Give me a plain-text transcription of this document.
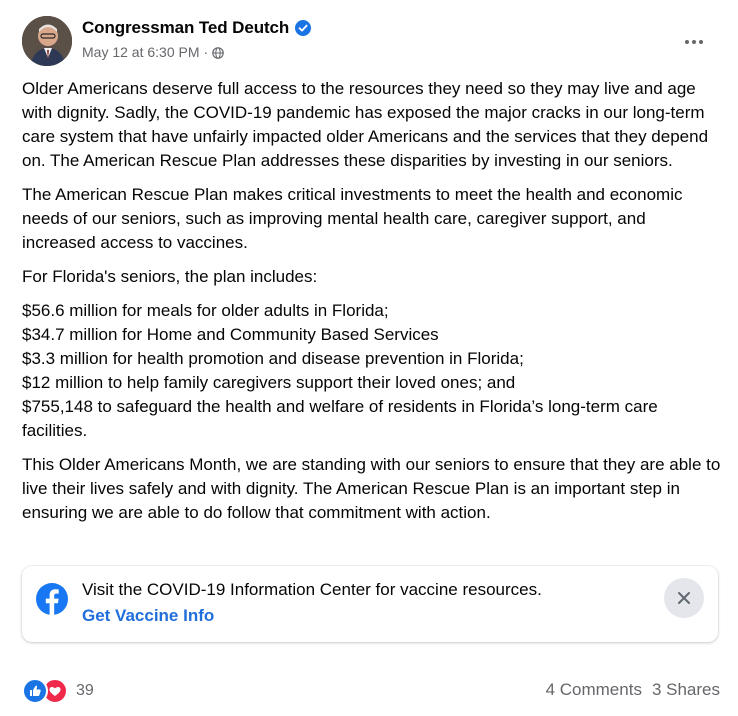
Congressman Ted Deutch
May 12 at 6:30 PM ·

Older Americans deserve full access to the resources they need so they may live and age with dignity. Sadly, the COVID-19 pandemic has exposed the major cracks in our long-term care system that have unfairly impacted older Americans and the services that they depend on. The American Rescue Plan addresses these disparities by investing in our seniors.

The American Rescue Plan makes critical investments to meet the health and economic needs of our seniors, such as improving mental health care, caregiver support, and increased access to vaccines.

For Florida's seniors, the plan includes:

$56.6 million for meals for older adults in Florida;

$34.7 million for Home and Community Based Services

$3.3 million for health promotion and disease prevention in Florida;

$12 million to help family caregivers support their loved ones; and

$755,148 to safeguard the health and welfare of residents in Florida’s long-term care facilities.

This Older Americans Month, we are standing with our seniors to ensure that they are able to live their lives safely and with dignity. The American Rescue Plan is an important step in ensuring we are able to do follow that commitment with action.

Visit the COVID-19 Information Center for vaccine resources.
Get Vaccine Info
39	4 Comments 3 Shares
